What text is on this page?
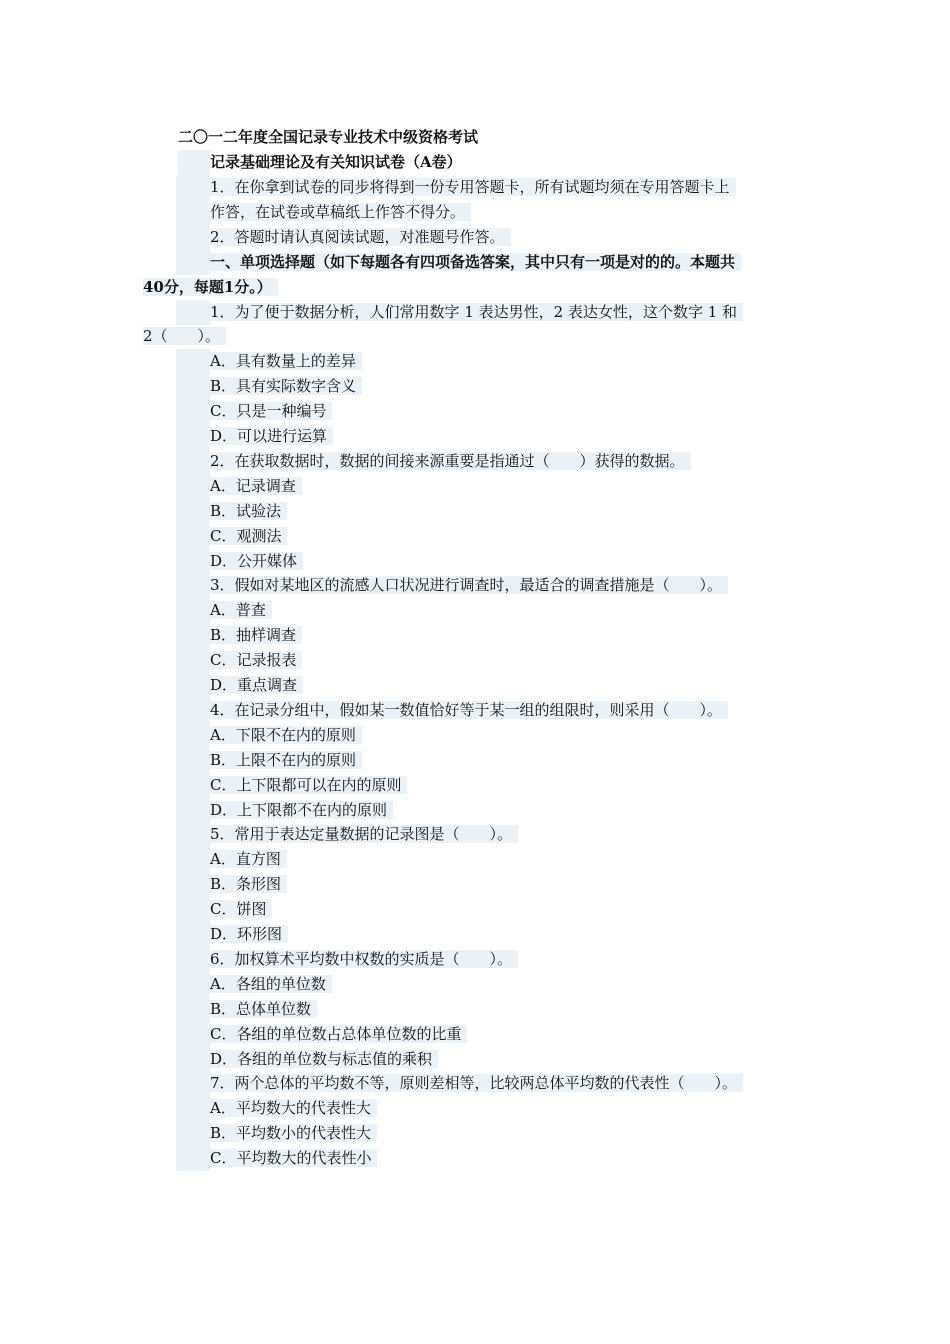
二〇一二年度全国记录专业技术中级资格考试
记录基础理论及有关知识试卷（A卷）
1．在你拿到试卷的同步将得到一份专用答题卡，所有试题均须在专用答题卡上
作答，在试卷或草稿纸上作答不得分。
2．答题时请认真阅读试题，对准题号作答。
一、单项选择题（如下每题各有四项备选答案，其中只有一项是对的的。本题共
40分，每题1分。）
1．为了便于数据分析，人们常用数字 1 表达男性，2 表达女性，这个数字 1 和
2（　　）。
A．具有数量上的差异
B．具有实际数字含义
C．只是一种编号
D．可以进行运算
2．在获取数据时，数据的间接来源重要是指通过（　　）获得的数据。
A．记录调查
B．试验法
C．观测法
D．公开媒体
3．假如对某地区的流感人口状况进行调查时，最适合的调查措施是（　　）。
A．普查
B．抽样调查
C．记录报表
D．重点调查
4．在记录分组中，假如某一数值恰好等于某一组的组限时，则采用（　　）。
A．下限不在内的原则
B．上限不在内的原则
C．上下限都可以在内的原则
D．上下限都不在内的原则
5．常用于表达定量数据的记录图是（　　）。
A．直方图
B．条形图
C．饼图
D．环形图
6．加权算术平均数中权数的实质是（　　）。
A．各组的单位数
B．总体单位数
C．各组的单位数占总体单位数的比重
D．各组的单位数与标志值的乘积
7．两个总体的平均数不等，原则差相等，比较两总体平均数的代表性（　　）。
A．平均数大的代表性大
B．平均数小的代表性大
C．平均数大的代表性小
